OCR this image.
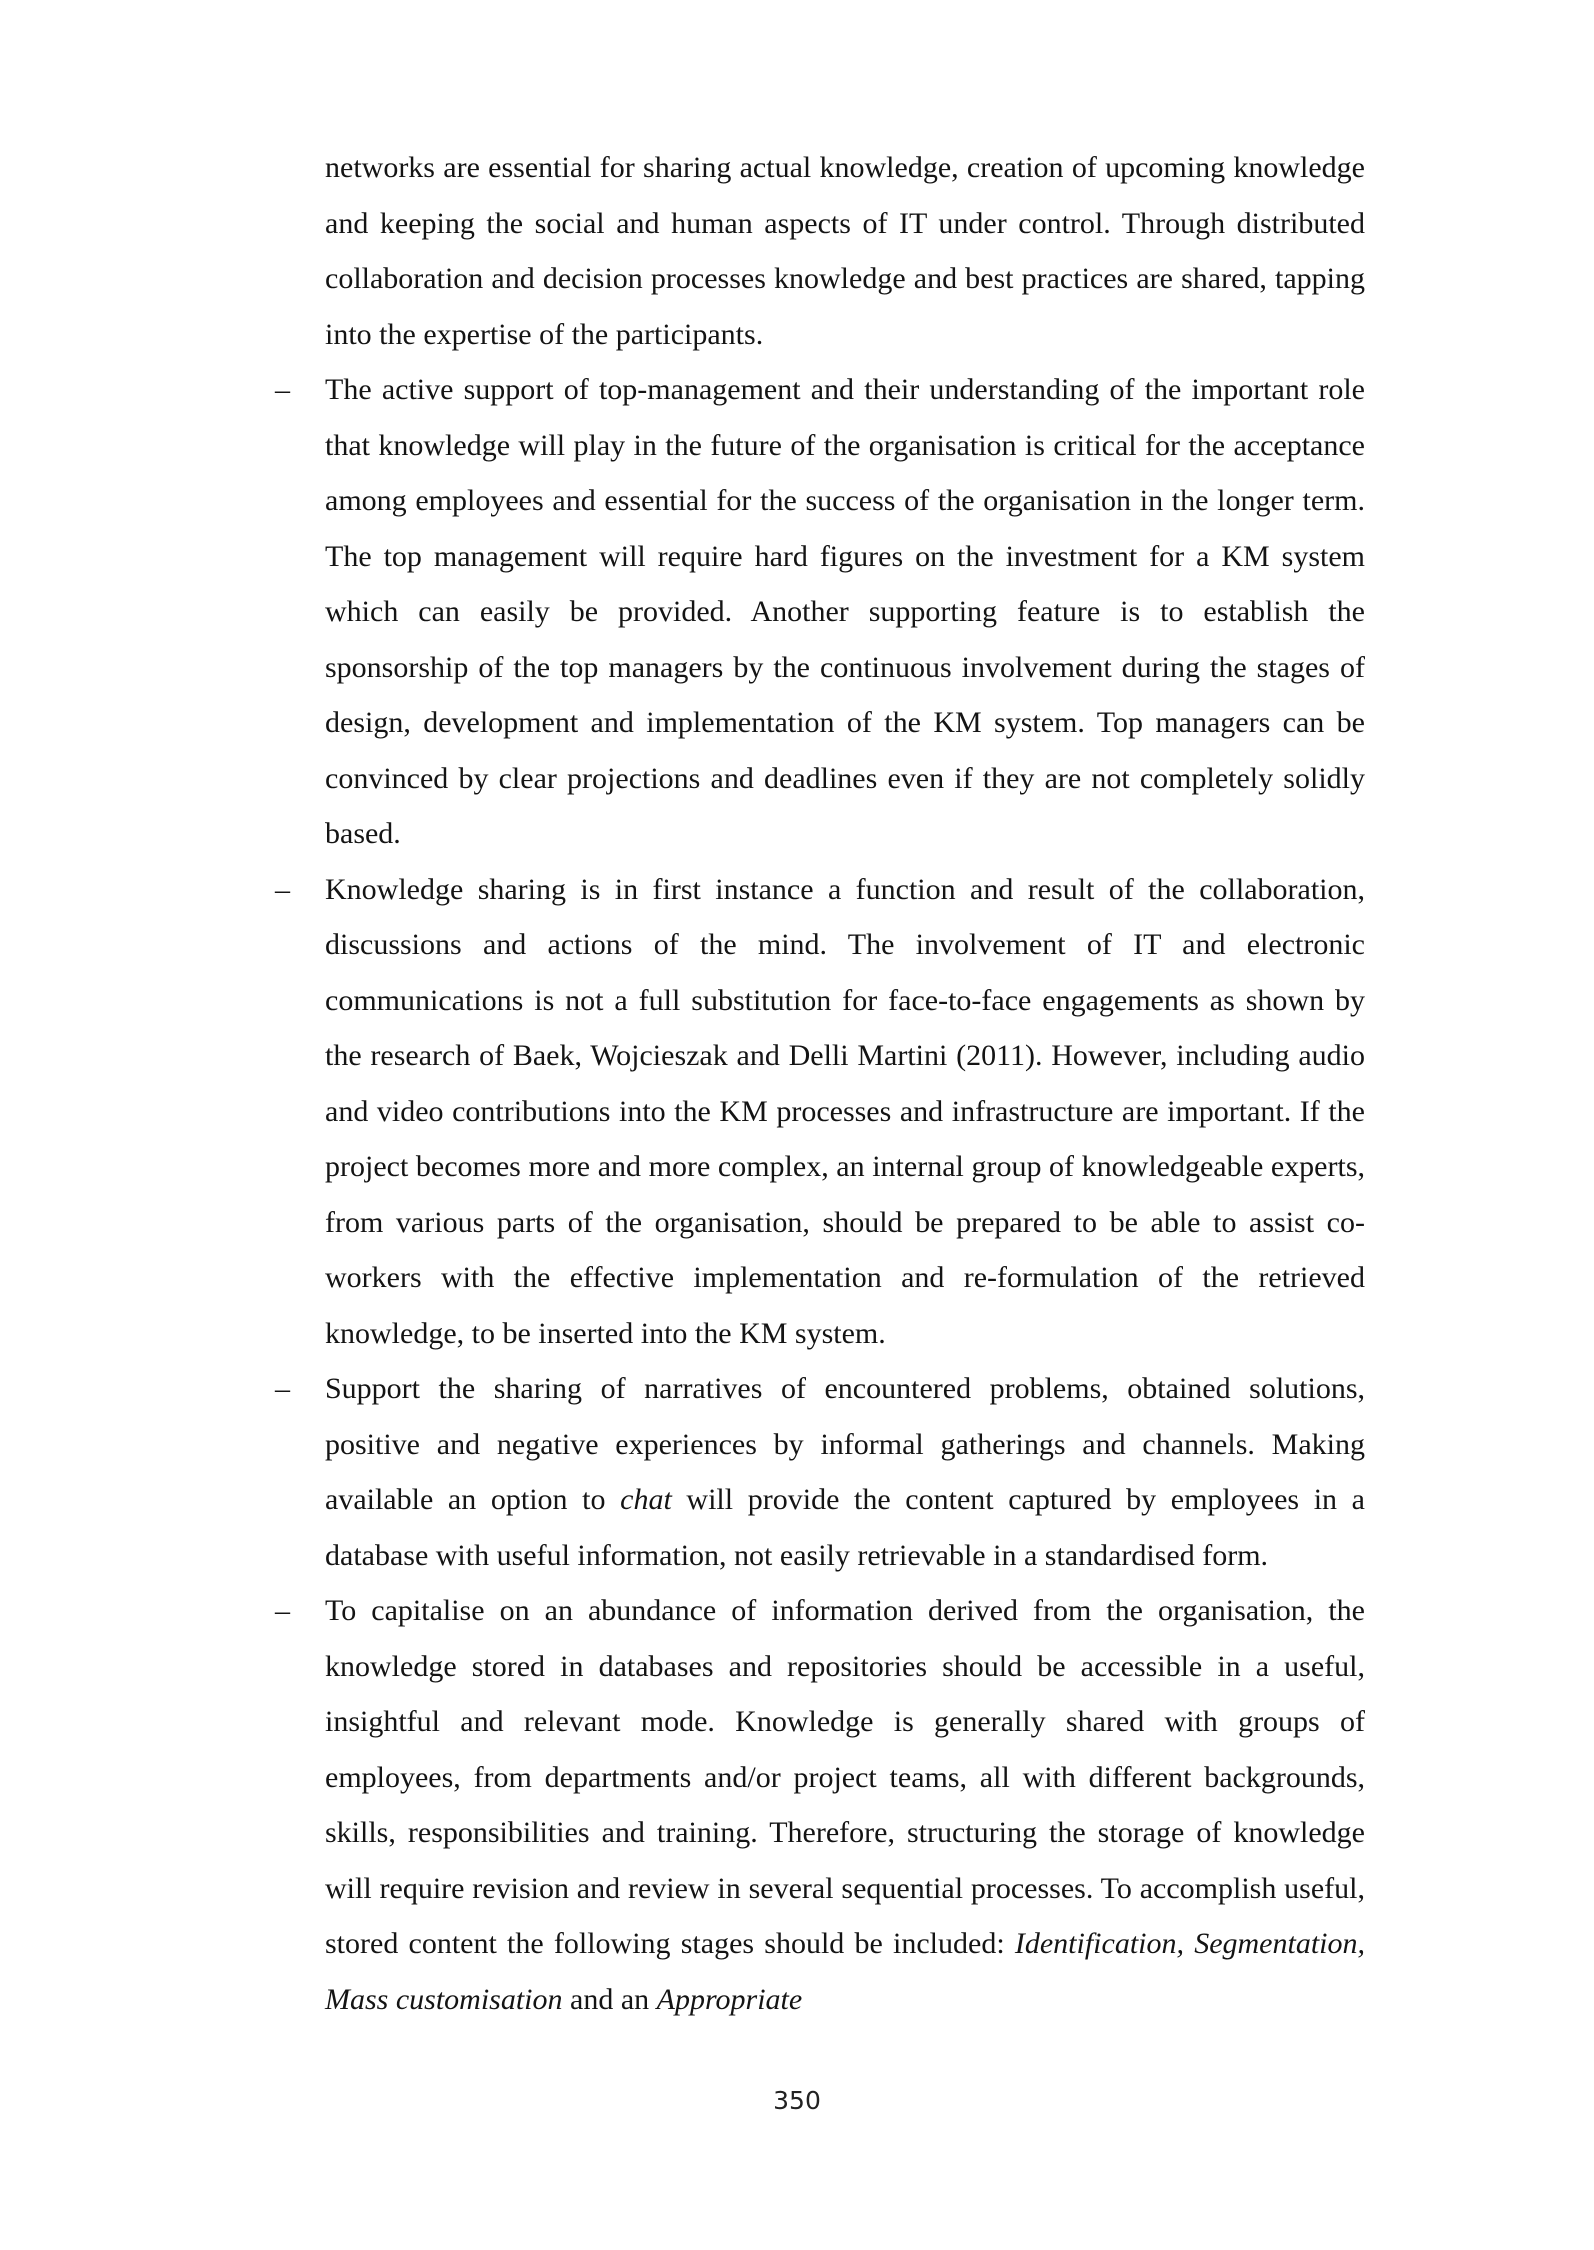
networks are essential for sharing actual knowledge, creation of upcoming knowledge and keeping the social and human aspects of IT under control. Through distributed collaboration and decision processes knowledge and best practices are shared, tapping into the expertise of the participants.

– The active support of top-management and their understanding of the important role that knowledge will play in the future of the organisation is critical for the acceptance among employees and essential for the success of the organisation in the longer term. The top management will require hard figures on the investment for a KM system which can easily be provided. Another supporting feature is to establish the sponsorship of the top managers by the continuous involvement during the stages of design, development and implementation of the KM system. Top managers can be convinced by clear projections and deadlines even if they are not completely solidly based.

– Knowledge sharing is in first instance a function and result of the collaboration, discussions and actions of the mind. The involvement of IT and electronic communications is not a full substitution for face-to-face engagements as shown by the research of Baek, Wojcieszak and Delli Martini (2011). However, including audio and video contributions into the KM processes and infrastructure are important. If the project becomes more and more complex, an internal group of knowledgeable experts, from various parts of the organisation, should be prepared to be able to assist co-workers with the effective implementation and re-formulation of the retrieved knowledge, to be inserted into the KM system.

– Support the sharing of narratives of encountered problems, obtained solutions, positive and negative experiences by informal gatherings and channels. Making available an option to chat will provide the content captured by employees in a database with useful information, not easily retrievable in a standardised form.

– To capitalise on an abundance of information derived from the organisation, the knowledge stored in databases and repositories should be accessible in a useful, insightful and relevant mode. Knowledge is generally shared with groups of employees, from departments and/or project teams, all with different backgrounds, skills, responsibilities and training. Therefore, structuring the storage of knowledge will require revision and review in several sequential processes. To accomplish useful, stored content the following stages should be included: Identification, Segmentation, Mass customisation and an Appropriate

350
